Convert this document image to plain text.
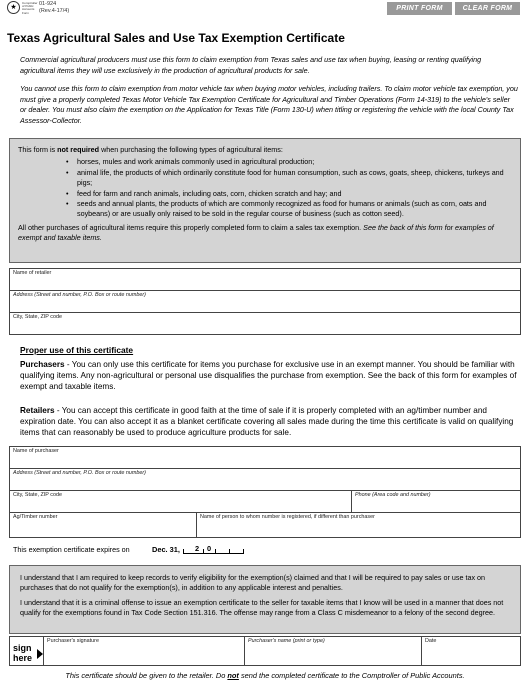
★
Comptroller
of Public
Accounts
Form
01-924
(Rev.4-17/4)	PRINT FORM	CLEAR FORM
Texas Agricultural Sales and Use Tax Exemption Certificate

Commercial agricultural producers must use this form to claim exemption from Texas sales and use tax when buying, leasing or renting qualifying agricultural items they will use exclusively in the production of agricultural products for sale.

You cannot use this form to claim exemption from motor vehicle tax when buying motor vehicles, including trailers. To claim motor vehicle tax exemption, you must give a properly completed Texas Motor Vehicle Tax Exemption Certificate for Agricultural and Timber Operations (Form 14-319) to the vehicle's seller or dealer. You must also claim the exemption on the Application for Texas Title (Form 130-U) when titling or registering the vehicle with the local County Tax Assessor-Collector.

This form is not required when purchasing the following types of agricultural items:
• horses, mules and work animals commonly used in agricultural production;
• animal life, the products of which ordinarily constitute food for human consumption, such as cows, goats, sheep, chickens, turkeys and pigs;
• feed for farm and ranch animals, including oats, corn, chicken scratch and hay; and
• seeds and annual plants, the products of which are commonly recognized as food for humans or animals (such as corn, oats and soybeans) or are usually only raised to be sold in the regular course of business (such as cotton seed).
All other purchases of agricultural items require this properly completed form to claim a sales tax exemption. See the back of this form for examples of exempt and taxable items.
Name of retailer
Address (Street and number, P.O. Box or route number)
City, State, ZIP code
Proper use of this certificate

Purchasers - You can only use this certificate for items you purchase for exclusive use in an exempt manner. You should be familiar with qualifying items. Any non-agricultural or personal use disqualifies the purchase from exemption. See the back of this form for examples of exempt and taxable items.

Retailers - You can accept this certificate in good faith at the time of sale if it is properly completed with an ag/timber number and expiration date. You can also accept it as a blanket certificate covering all sales made during the time this certificate is valid on qualifying items that can reasonably be used to produce agriculture products for sale.

Name of purchaser
Address (Street and number, P.O. Box or route number)
City, State, ZIP code	Phone (Area code and number)
Ag/Timber number	Name of person to whom number is registered, if different than purchaser
This exemption certificate expires on	Dec. 31, 2 0

I understand that I am required to keep records to verify eligibility for the exemption(s) claimed and that I will be required to pay sales or use tax on purchases that do not qualify for the exemption(s), in addition to any applicable interest and penalties.

I understand that it is a criminal offense to issue an exemption certificate to the seller for taxable items that I know will be used in a manner that does not qualify for the exemptions found in Tax Code Section 151.316. The offense may range from a Class C misdemeanor to a felony of the second degree.

sign
here
Purchaser's signature	Purchaser's name (print or type)	Date
This certificate should be given to the retailer. Do not send the completed certificate to the Comptroller of Public Accounts.
